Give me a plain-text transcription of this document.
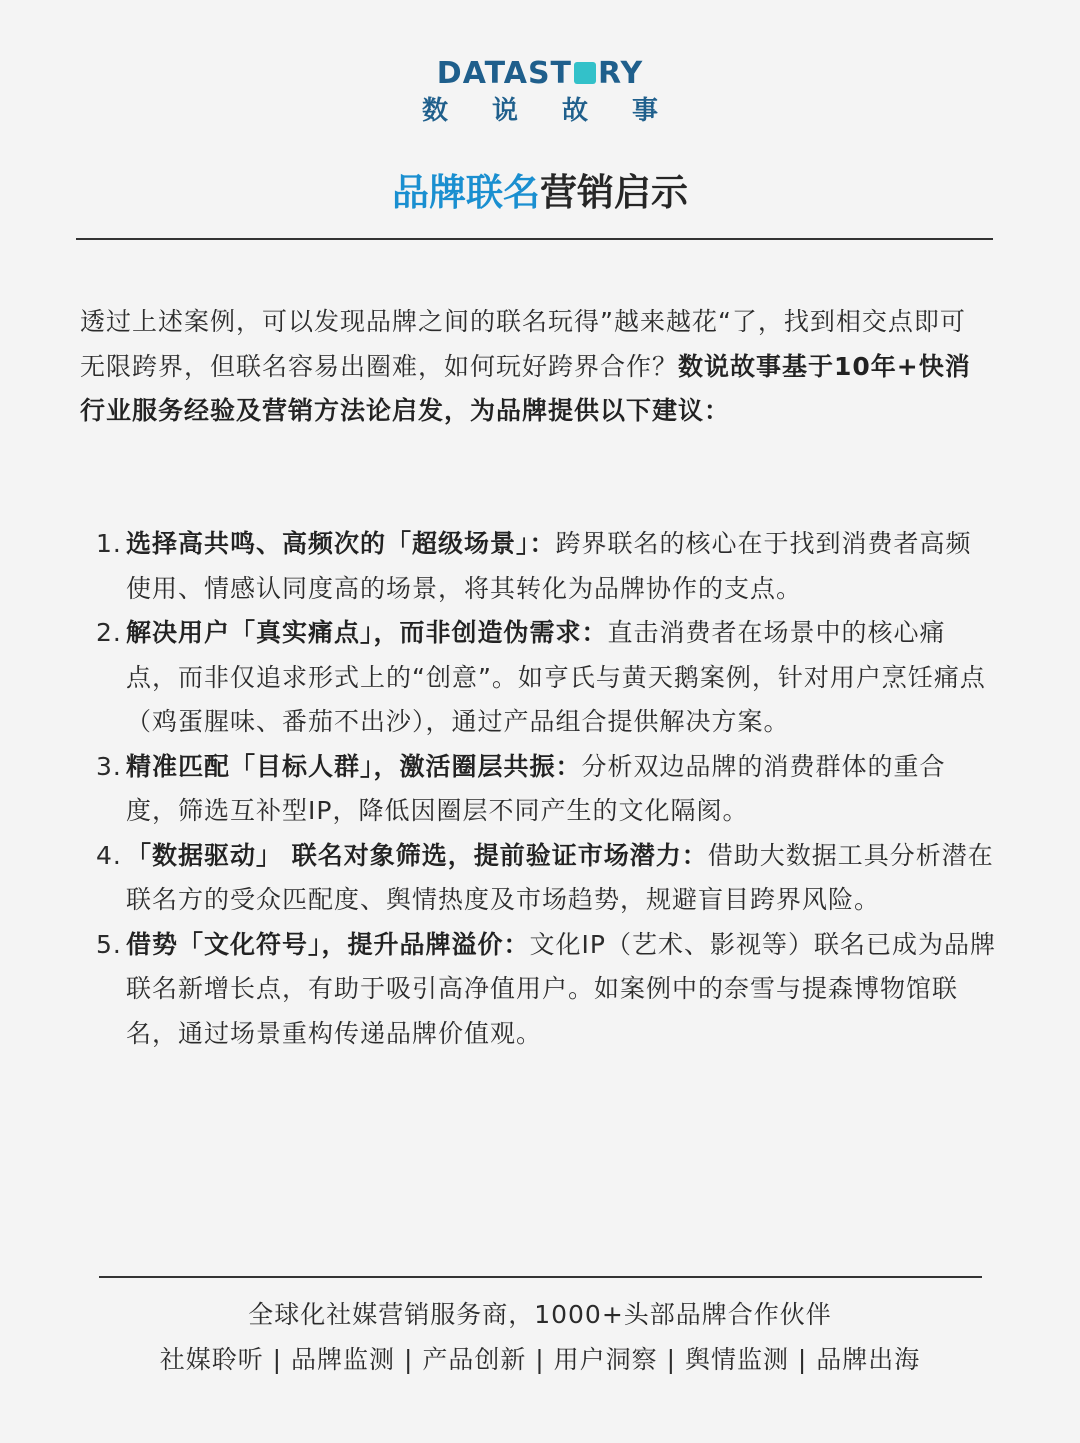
DATAST RY
数说故事
品牌联名营销启示
透过上述案例，可以发现品牌之间的联名玩得”越来越花“了，找到相交点即可无限跨界，但联名容易出圈难，如何玩好跨界合作？数说故事基于10年+快消行业服务经验及营销方法论启发，为品牌提供以下建议：
1. 选择高共鸣、高频次的「超级场景」：跨界联名的核心在于找到消费者高频使用、情感认同度高的场景，将其转化为品牌协作的支点。
2. 解决用户「真实痛点」，而非创造伪需求：直击消费者在场景中的核心痛点，而非仅追求形式上的“创意”。如亨氏与黄天鹅案例，针对用户烹饪痛点（鸡蛋腥味、番茄不出沙），通过产品组合提供解决方案。
3. 精准匹配「目标人群」，激活圈层共振：分析双边品牌的消费群体的重合度，筛选互补型IP，降低因圈层不同产生的文化隔阂。
4. 「数据驱动」 联名对象筛选，提前验证市场潜力：借助大数据工具分析潜在联名方的受众匹配度、舆情热度及市场趋势，规避盲目跨界风险。
5. 借势「文化符号」，提升品牌溢价：文化IP（艺术、影视等）联名已成为品牌联名新增长点，有助于吸引高净值用户。如案例中的奈雪与提森博物馆联名，通过场景重构传递品牌价值观。
全球化社媒营销服务商，1000+头部品牌合作伙伴
社媒聆听 | 品牌监测 | 产品创新 | 用户洞察 | 舆情监测 | 品牌出海
